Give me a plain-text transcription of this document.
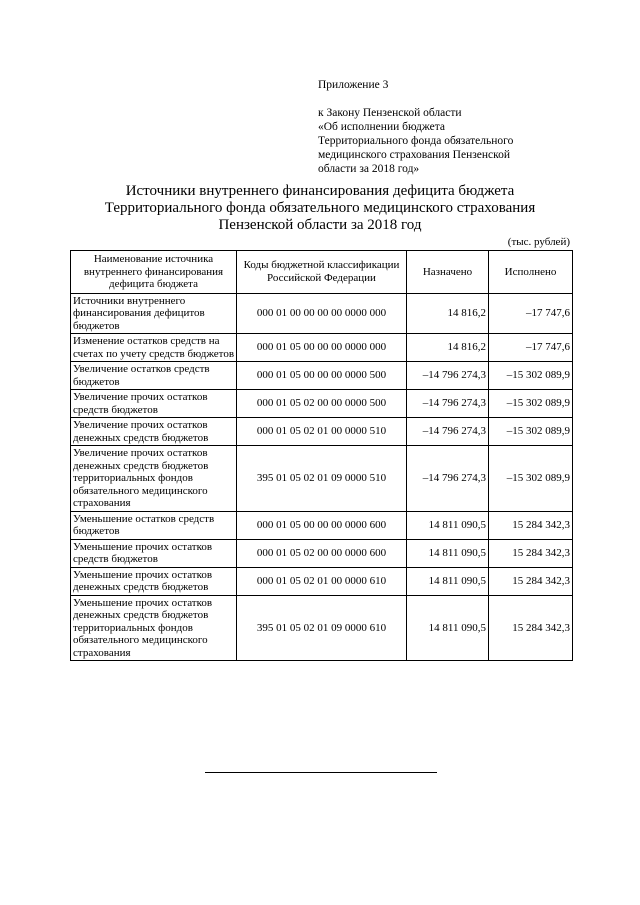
Приложение 3
к Закону Пензенской области
«Об исполнении бюджета
Территориального фонда обязательного
медицинского страхования Пензенской
области за 2018 год»
Источники внутреннего финансирования дефицита бюджета
Территориального фонда обязательного медицинского страхования
Пензенской области за 2018 год
(тыс. рублей)
Наименование источника внутреннего финансирования дефицита бюджета	Коды бюджетной классификации Российской Федерации	Назначено	Исполнено
Источники внутреннего финансирования дефицитов бюджетов	000 01 00 00 00 00 0000 000	14 816,2	–17 747,6
Изменение остатков средств на счетах по учету средств бюджетов	000 01 05 00 00 00 0000 000	14 816,2	–17 747,6
Увеличение остатков средств бюджетов	000 01 05 00 00 00 0000 500	–14 796 274,3	–15 302 089,9
Увеличение прочих остатков средств бюджетов	000 01 05 02 00 00 0000 500	–14 796 274,3	–15 302 089,9
Увеличение прочих остатков денежных средств бюджетов	000 01 05 02 01 00 0000 510	–14 796 274,3	–15 302 089,9
Увеличение прочих остатков денежных средств бюджетов территориальных фондов обязательного медицинского страхования	395 01 05 02 01 09 0000 510	–14 796 274,3	–15 302 089,9
Уменьшение остатков средств бюджетов	000 01 05 00 00 00 0000 600	14 811 090,5	15 284 342,3
Уменьшение прочих остатков средств бюджетов	000 01 05 02 00 00 0000 600	14 811 090,5	15 284 342,3
Уменьшение прочих остатков денежных средств бюджетов	000 01 05 02 01 00 0000 610	14 811 090,5	15 284 342,3
Уменьшение прочих остатков денежных средств бюджетов территориальных фондов обязательного медицинского страхования	395 01 05 02 01 09 0000 610	14 811 090,5	15 284 342,3
